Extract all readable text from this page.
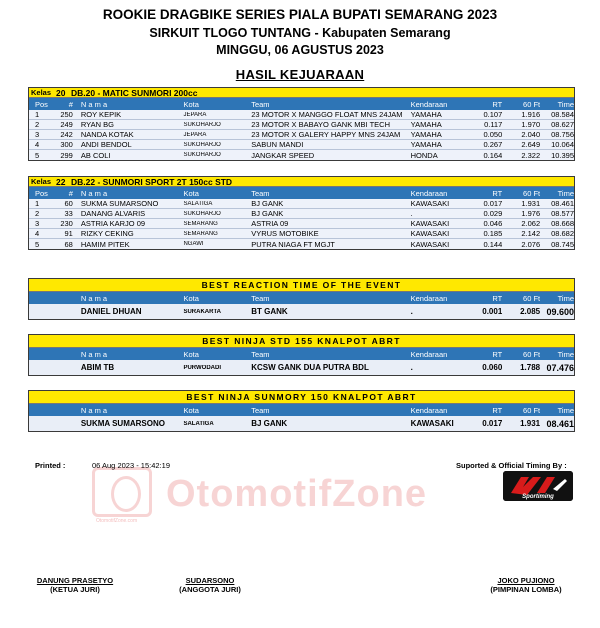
ROOKIE DRAGBIKE SERIES PIALA BUPATI SEMARANG 2023
SIRKUIT TLOGO TUNTANG - Kabupaten Semarang
MINGGU, 06 AGUSTUS 2023
HASIL KEJUARAAN
Kelas 20 DB.20 - MATIC SUNMORI 200cc
Pos	#	N a m a	Kota	Team	Kendaraan	RT	60 Ft	Time
1	250	ROY KEPIK	JEPARA	23 MOTOR X MANGGO FLOAT MNS 24JAM	YAMAHA	0.107	1.916	08.584
2	249	RYAN BG	SUKOHARJO	23 MOTOR X BABAYO GANK MBI TECH	YAMAHA	0.117	1.970	08.627
3	242	NANDA KOTAK	JEPARA	23 MOTOR X GALERY HAPPY MNS 24JAM	YAMAHA	0.050	2.040	08.756
4	300	ANDI BENDOL	SUKOHARJO	SABUN MANDI	YAMAHA	0.267	2.649	10.064
5	299	AB COLI	SUKOHARJO	JANGKAR SPEED	HONDA	0.164	2.322	10.395
Kelas 22 DB.22 - SUNMORI SPORT 2T 150cc STD
Pos	#	N a m a	Kota	Team	Kendaraan	RT	60 Ft	Time
1	60	SUKMA SUMARSONO	SALATIGA	BJ GANK	KAWASAKI	0.017	1.931	08.461
2	33	DANANG ALVARIS	SUKOHARJO	BJ GANK	.	0.029	1.976	08.577
3	230	ASTRIA KARJO 09	SEMARANG	ASTRIA 09	KAWASAKI	0.046	2.062	08.668
4	91	RIZKY CEKING	SEMARANG	VYRUS MOTOBIKE	KAWASAKI	0.185	2.142	08.682
5	68	HAMIM PITEK	NGAWI	PUTRA NIAGA FT MGJT	KAWASAKI	0.144	2.076	08.745
BEST REACTION TIME OF THE EVENT
N a m a	Kota	Team	Kendaraan	RT	60 Ft	Time
DANIEL DHUAN	SURAKARTA	BT GANK	.	0.001	2.085 09.600
BEST NINJA STD 155 KNALPOT ABRT
N a m a	Kota	Team	Kendaraan	RT	60 Ft	Time
ABIM TB	PURWODADI	KCSW GANK DUA PUTRA BDL	.	0.060	1.788 07.476
BEST NINJA SUNMORY 150 KNALPOT ABRT
N a m a	Kota	Team	Kendaraan	RT	60 Ft	Time
SUKMA SUMARSONO	SALATIGA	BJ GANK	KAWASAKI	0.017	1.931 08.461
OtomotifZone
OtomotifZone.com
Printed :	06 Aug 2023 - 15:42:19	Suported & Official Timing By :
Sportiming
DANUNG PRASETYO
(KETUA JURI)
SUDARSONO
(ANGGOTA JURI)
JOKO PUJIONO
(PIMPINAN LOMBA)
